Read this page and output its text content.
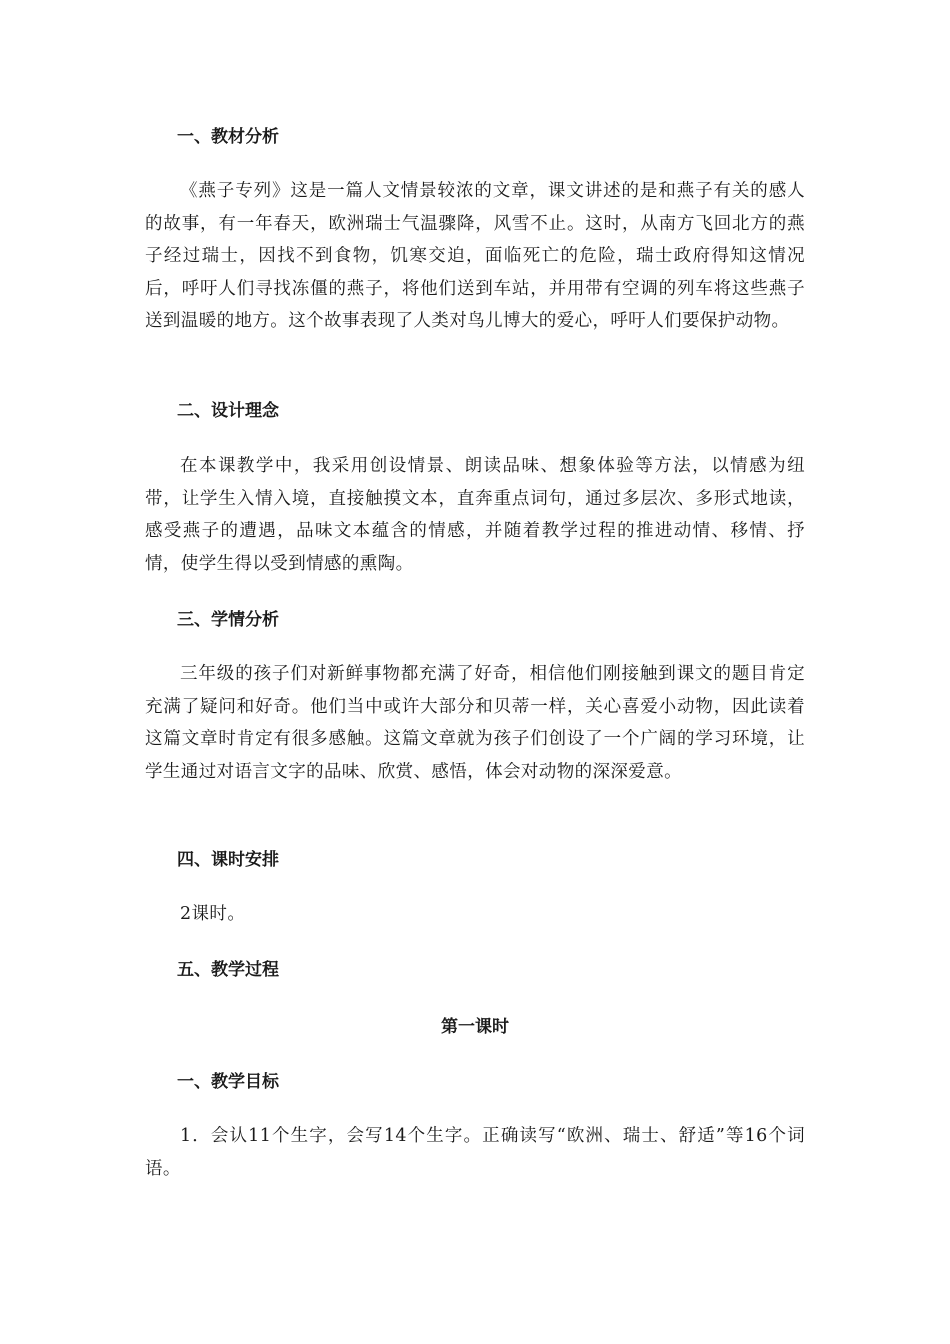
一、教材分析
《燕子专列》这是一篇人文情景较浓的文章，课文讲述的是和燕子有关的感人的故事，有一年春天，欧洲瑞士气温骤降，风雪不止。这时，从南方飞回北方的燕子经过瑞士，因找不到食物，饥寒交迫，面临死亡的危险，瑞士政府得知这情况后，呼吁人们寻找冻僵的燕子，将他们送到车站，并用带有空调的列车将这些燕子送到温暖的地方。这个故事表现了人类对鸟儿博大的爱心，呼吁人们要保护动物。
二、设计理念
在本课教学中，我采用创设情景、朗读品味、想象体验等方法，以情感为纽带，让学生入情入境，直接触摸文本，直奔重点词句，通过多层次、多形式地读，感受燕子的遭遇，品味文本蕴含的情感，并随着教学过程的推进动情、移情、抒情，使学生得以受到情感的熏陶。
三、学情分析
三年级的孩子们对新鲜事物都充满了好奇，相信他们刚接触到课文的题目肯定充满了疑问和好奇。他们当中或许大部分和贝蒂一样，关心喜爱小动物，因此读着这篇文章时肯定有很多感触。这篇文章就为孩子们创设了一个广阔的学习环境，让学生通过对语言文字的品味、欣赏、感悟，体会对动物的深深爱意。
四、课时安排
2课时。
五、教学过程
第一课时
一、教学目标
1．会认11个生字，会写14个生字。正确读写“欧洲、瑞士、舒适”等16个词语。
